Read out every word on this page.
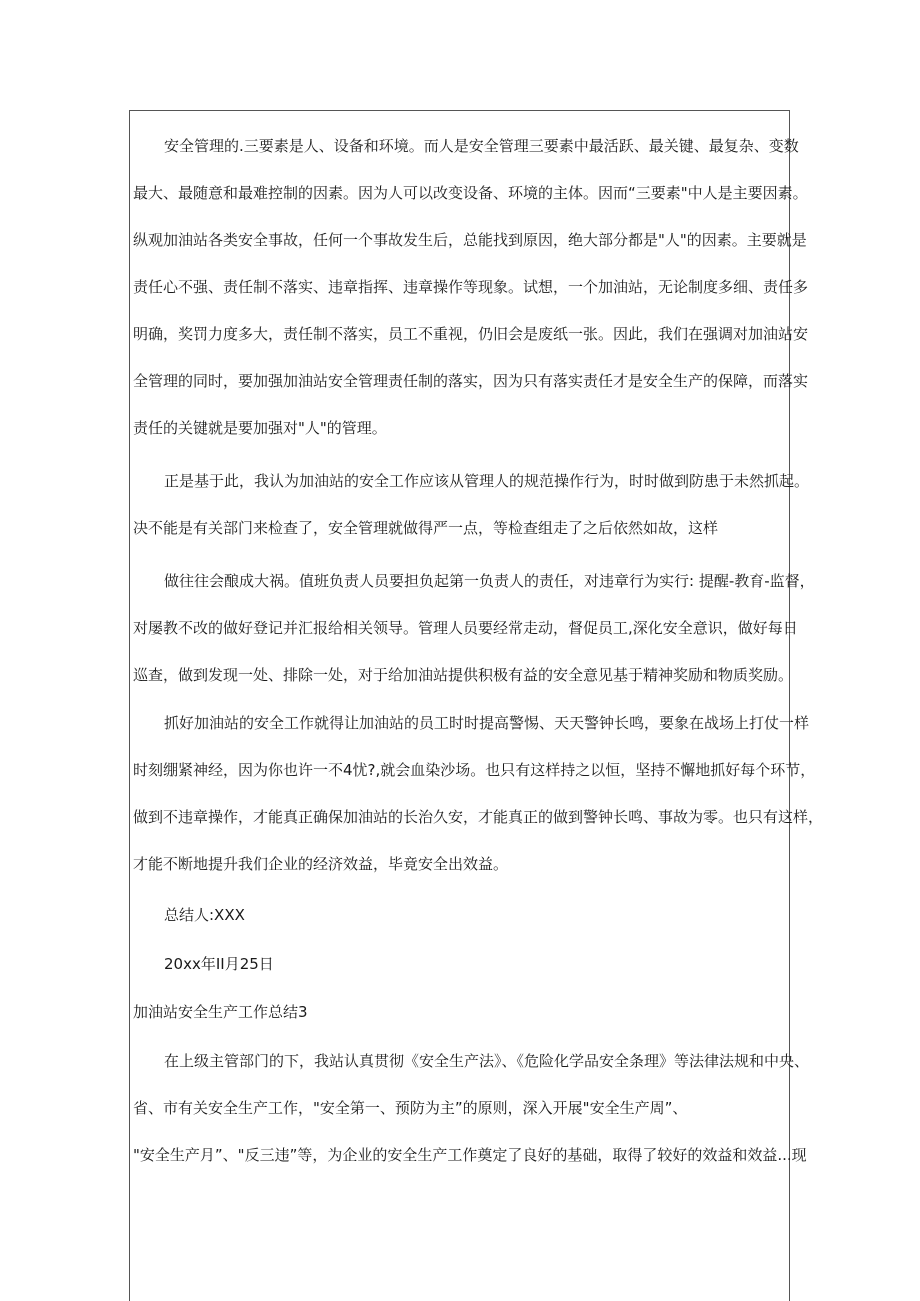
安全管理的.三要素是人、设备和环境。而人是安全管理三要素中最活跃、最关键、最复杂、变数
最大、最随意和最难控制的因素。因为人可以改变设备、环境的主体。因而“三要素"中人是主要因素。
纵观加油站各类安全事故，任何一个事故发生后，总能找到原因，绝大部分都是"人"的因素。主要就是
责任心不强、责任制不落实、违章指挥、违章操作等现象。试想，一个加油站，无论制度多细、责任多
明确，奖罚力度多大，责任制不落实，员工不重视，仍旧会是废纸一张。因此，我们在强调对加油站安
全管理的同时，要加强加油站安全管理责任制的落实，因为只有落实责任才是安全生产的保障，而落实
责任的关键就是要加强对"人"的管理。
正是基于此，我认为加油站的安全工作应该从管理人的规范操作行为，时时做到防患于未然抓起。
决不能是有关部门来检查了，安全管理就做得严一点，等检查组走了之后依然如故，这样
做往往会酿成大祸。值班负责人员要担负起第一负责人的责任，对违章行为实行: 提醒-教育-监督，
对屡教不改的做好登记并汇报给相关领导。管理人员要经常走动，督促员工,深化安全意识，做好每日
巡查，做到发现一处、排除一处，对于给加油站提供积极有益的安全意见基于精神奖励和物质奖励。
抓好加油站的安全工作就得让加油站的员工时时提高警惕、天天警钟长鸣，要象在战场上打仗一样
时刻绷紧神经，因为你也许一不4忧?,就会血染沙场。也只有这样持之以恒，坚持不懈地抓好每个环节，
做到不违章操作，才能真正确保加油站的长治久安，才能真正的做到警钟长鸣、事故为零。也只有这样，
才能不断地提升我们企业的经济效益，毕竟安全出效益。
总结人:XXX
20xx年II月25日
加油站安全生产工作总结3
在上级主管部门的下，我站认真贯彻《安全生产法》、《危险化学品安全条理》等法律法规和中央、
省、市有关安全生产工作，"安全第一、预防为主”的原则，深入开展"安全生产周”、
"安全生产月”、"反三违”等，为企业的安全生产工作奠定了良好的基础，取得了较好的效益和效益...现
